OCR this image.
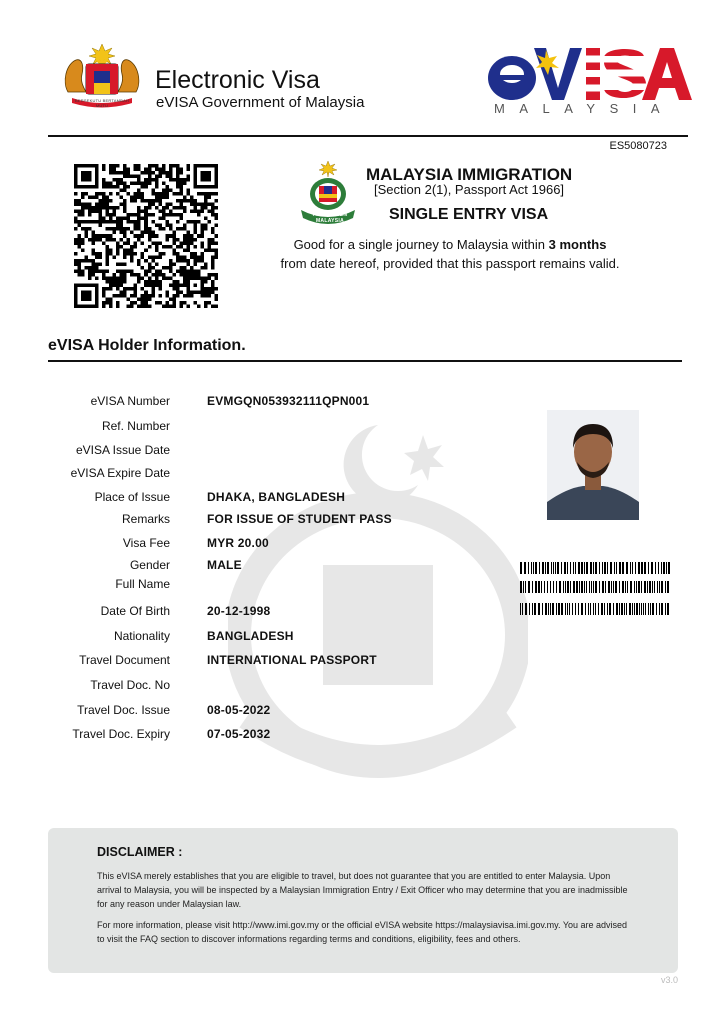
BERSEKUTU BERTAMBAH MUTU
Electronic Visa
eVISA Government of Malaysia	MALAYSIA
ES5080723
PROGRESEN MALAYSIA
MALAYSIA IMMIGRATION
[Section 2(1), Passport Act 1966]
SINGLE ENTRY VISA
Good for a single journey to Malaysia within 3 months
from date hereof, provided that this passport remains valid.
eVISA Holder Information.
eVISA Number	EVMGQN053932111QPN001
Ref. Number
eVISA Issue Date
eVISA Expire Date
Place of Issue	DHAKA, BANGLADESH
Remarks	FOR ISSUE OF STUDENT PASS
Visa Fee	MYR 20.00
Gender	MALE
Full Name
Date Of Birth	20-12-1998
Nationality	BANGLADESH
Travel Document	INTERNATIONAL PASSPORT
Travel Doc. No
Travel Doc. Issue	08-05-2022
Travel Doc. Expiry	07-05-2032
DISCLAIMER :
This eVISA merely establishes that you are eligible to travel, but does not guarantee that you are entitled to enter Malaysia. Upon arrival to Malaysia, you will be inspected by a Malaysian Immigration Entry / Exit Officer who may determine that you are inadmissible for any reason under Malaysian law.
For more information, please visit http://www.imi.gov.my or the official eVISA website https://malaysiavisa.imi.gov.my. You are advised to visit the FAQ section to discover informations regarding terms and conditions, eligibility, fees and others.
v3.0
